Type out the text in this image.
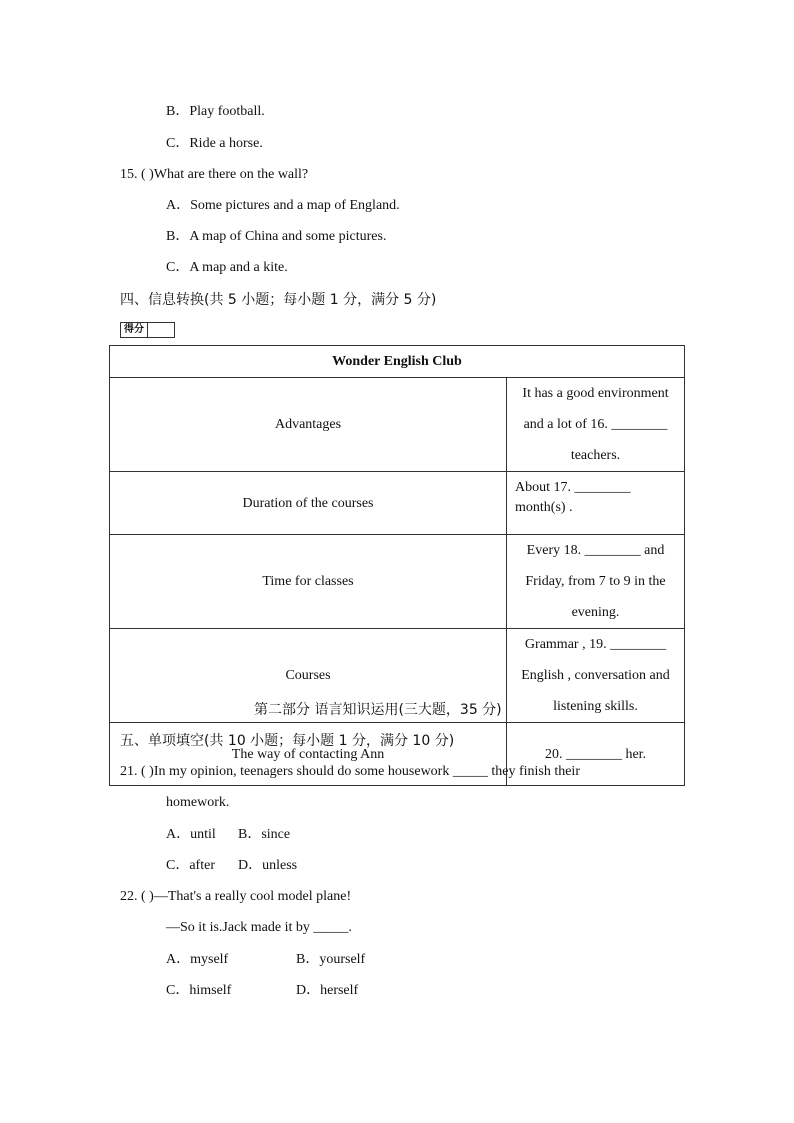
B．Play football.
C．Ride a horse.
15. ( )What are there on the wall?
A．Some pictures and a map of England.
B．A map of China and some pictures.
C．A map and a kite.
四、信息转换(共 5 小题；每小题 1 分，满分 5 分)
得分
Wonder English Club	
Advantages	It has a good environment and a lot of 16. ________ teachers.
Duration of the courses	About 17. ________ month(s) .
Time for classes	Every 18. ________ and Friday, from 7 to 9 in the evening.
Courses	Grammar , 19. ________ English , conversation and listening skills.
The way of contacting Ann	20. ________ her.
第二部分 语言知识运用(三大题，35 分)
五、单项填空(共 10 小题；每小题 1 分，满分 10 分)
21. ( )In my opinion, teenagers should do some housework _____ they finish their
homework.
A．until B．since
C．after D．unless
22. ( )—That's a really cool model plane!
—So it is.Jack made it by _____.
A．myself	B．yourself
C．himself	D．herself
